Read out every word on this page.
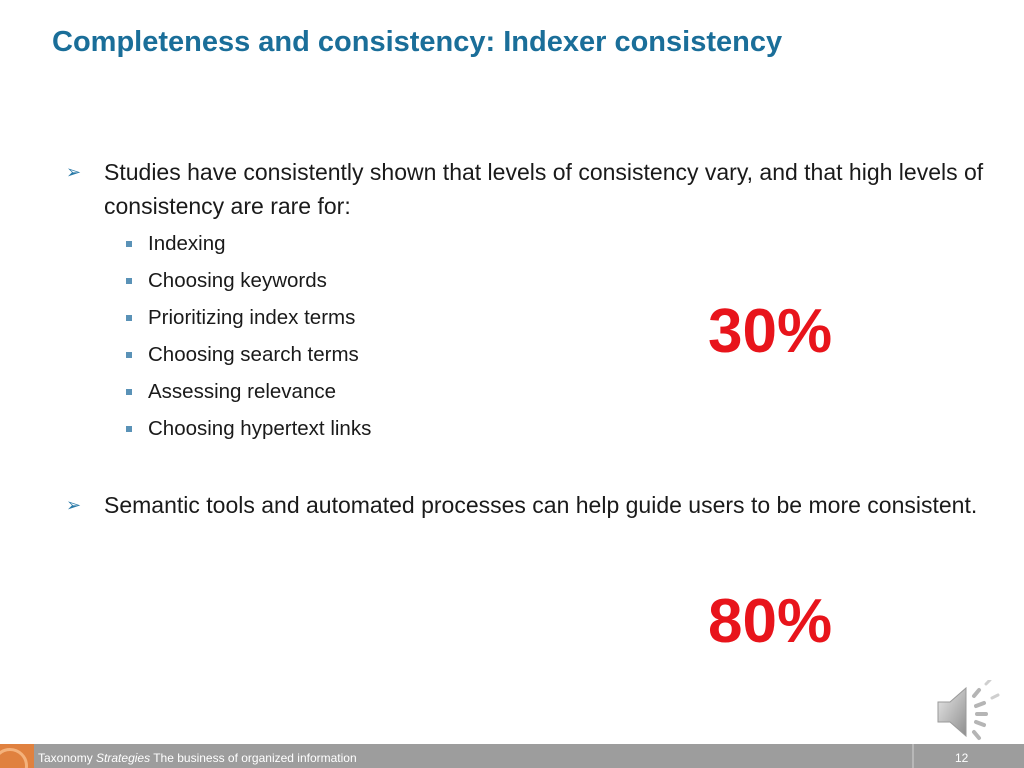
Completeness and consistency: Indexer consistency
➢ Studies have consistently shown that levels of consistency vary, and that high levels of consistency are rare for:
Indexing
Choosing keywords
Prioritizing index terms
Choosing search terms
Assessing relevance
Choosing hypertext links
30%
➢ Semantic tools and automated processes can help guide users to be more consistent.
80%
Taxonomy Strategies The business of organized information	12
